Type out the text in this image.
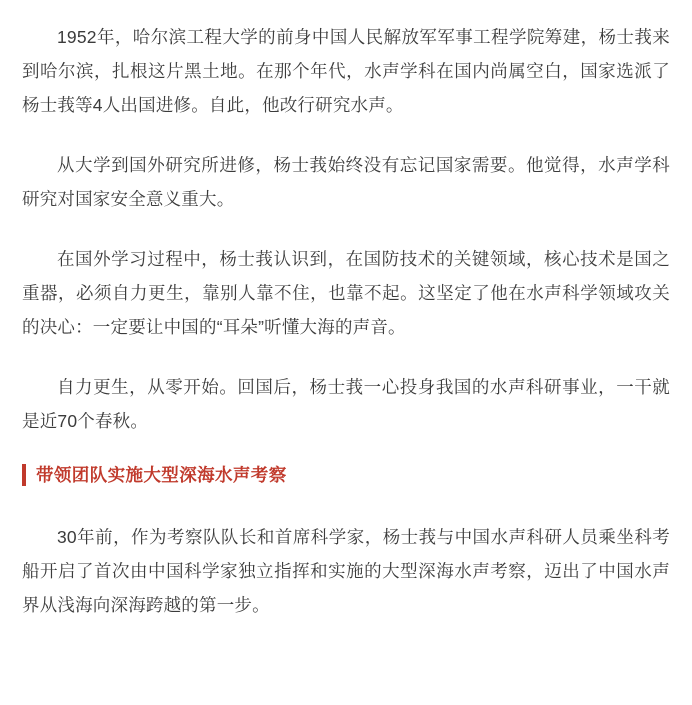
1952年，哈尔滨工程大学的前身中国人民解放军军事工程学院筹建，杨士莪来到哈尔滨，扎根这片黑土地。在那个年代，水声学科在国内尚属空白，国家选派了杨士莪等4人出国进修。自此，他改行研究水声。

从大学到国外研究所进修，杨士莪始终没有忘记国家需要。他觉得，水声学科研究对国家安全意义重大。

在国外学习过程中，杨士莪认识到，在国防技术的关键领域，核心技术是国之重器，必须自力更生，靠别人靠不住，也靠不起。这坚定了他在水声科学领域攻关的决心：一定要让中国的“耳朵”听懂大海的声音。

自力更生，从零开始。回国后，杨士莪一心投身我国的水声科研事业，一干就是近70个春秋。

带领团队实施大型深海水声考察

30年前，作为考察队队长和首席科学家，杨士莪与中国水声科研人员乘坐科考船开启了首次由中国科学家独立指挥和实施的大型深海水声考察，迈出了中国水声界从浅海向深海跨越的第一步。
